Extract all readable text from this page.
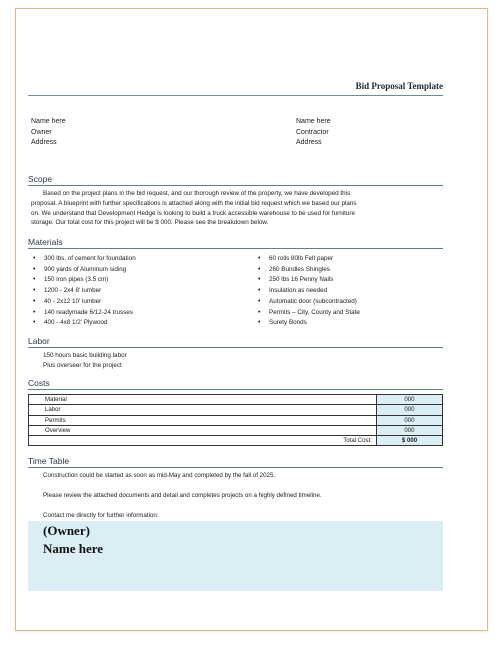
Bid Proposal Template
Name here
Owner
Address
Name here
Contractor
Address
Scope
Based on the project plans in the bid request, and our thorough review of the property, we have developed this
proposal. A blueprint with further specifications is attached along with the initial bid request which we based our plans
on. We understand that Development Hedge is looking to build a truck accessible warehouse to be used for furniture
storage. Our total cost for this project will be $ 000. Please see the breakdown below.
Materials
• 300 lbs. of cement for foundation
• 900 yards of Aluminum siding
• 150 iron pipes (3.5 cm)
• 1200 - 2x4 8' lumber
• 40 - 2x12 10' lumber
• 140 readymade 6/12-24 trusses
• 400 - 4x8 1/2' Plywood
• 60 rolls 80lb Felt paper
• 260 Bundles Shingles
• 250 lbs 16 Penny Nails
• Insulation as needed
• Automatic door (subcontracted)
• Permits – City, County and State
• Surety Bonds
Labor
150 hours basic building labor
Plus overseer for the project
Costs
Material	000
Labor	000
Permits	000
Overview	000
Total Cost:	$ 000
Time Table
Construction could be started as soon as mid-May and completed by the fall of 2025.
Please review the attached documents and detail and completes projects on a highly defined timeline.
Contact me directly for further information:
(Owner)
Name here
